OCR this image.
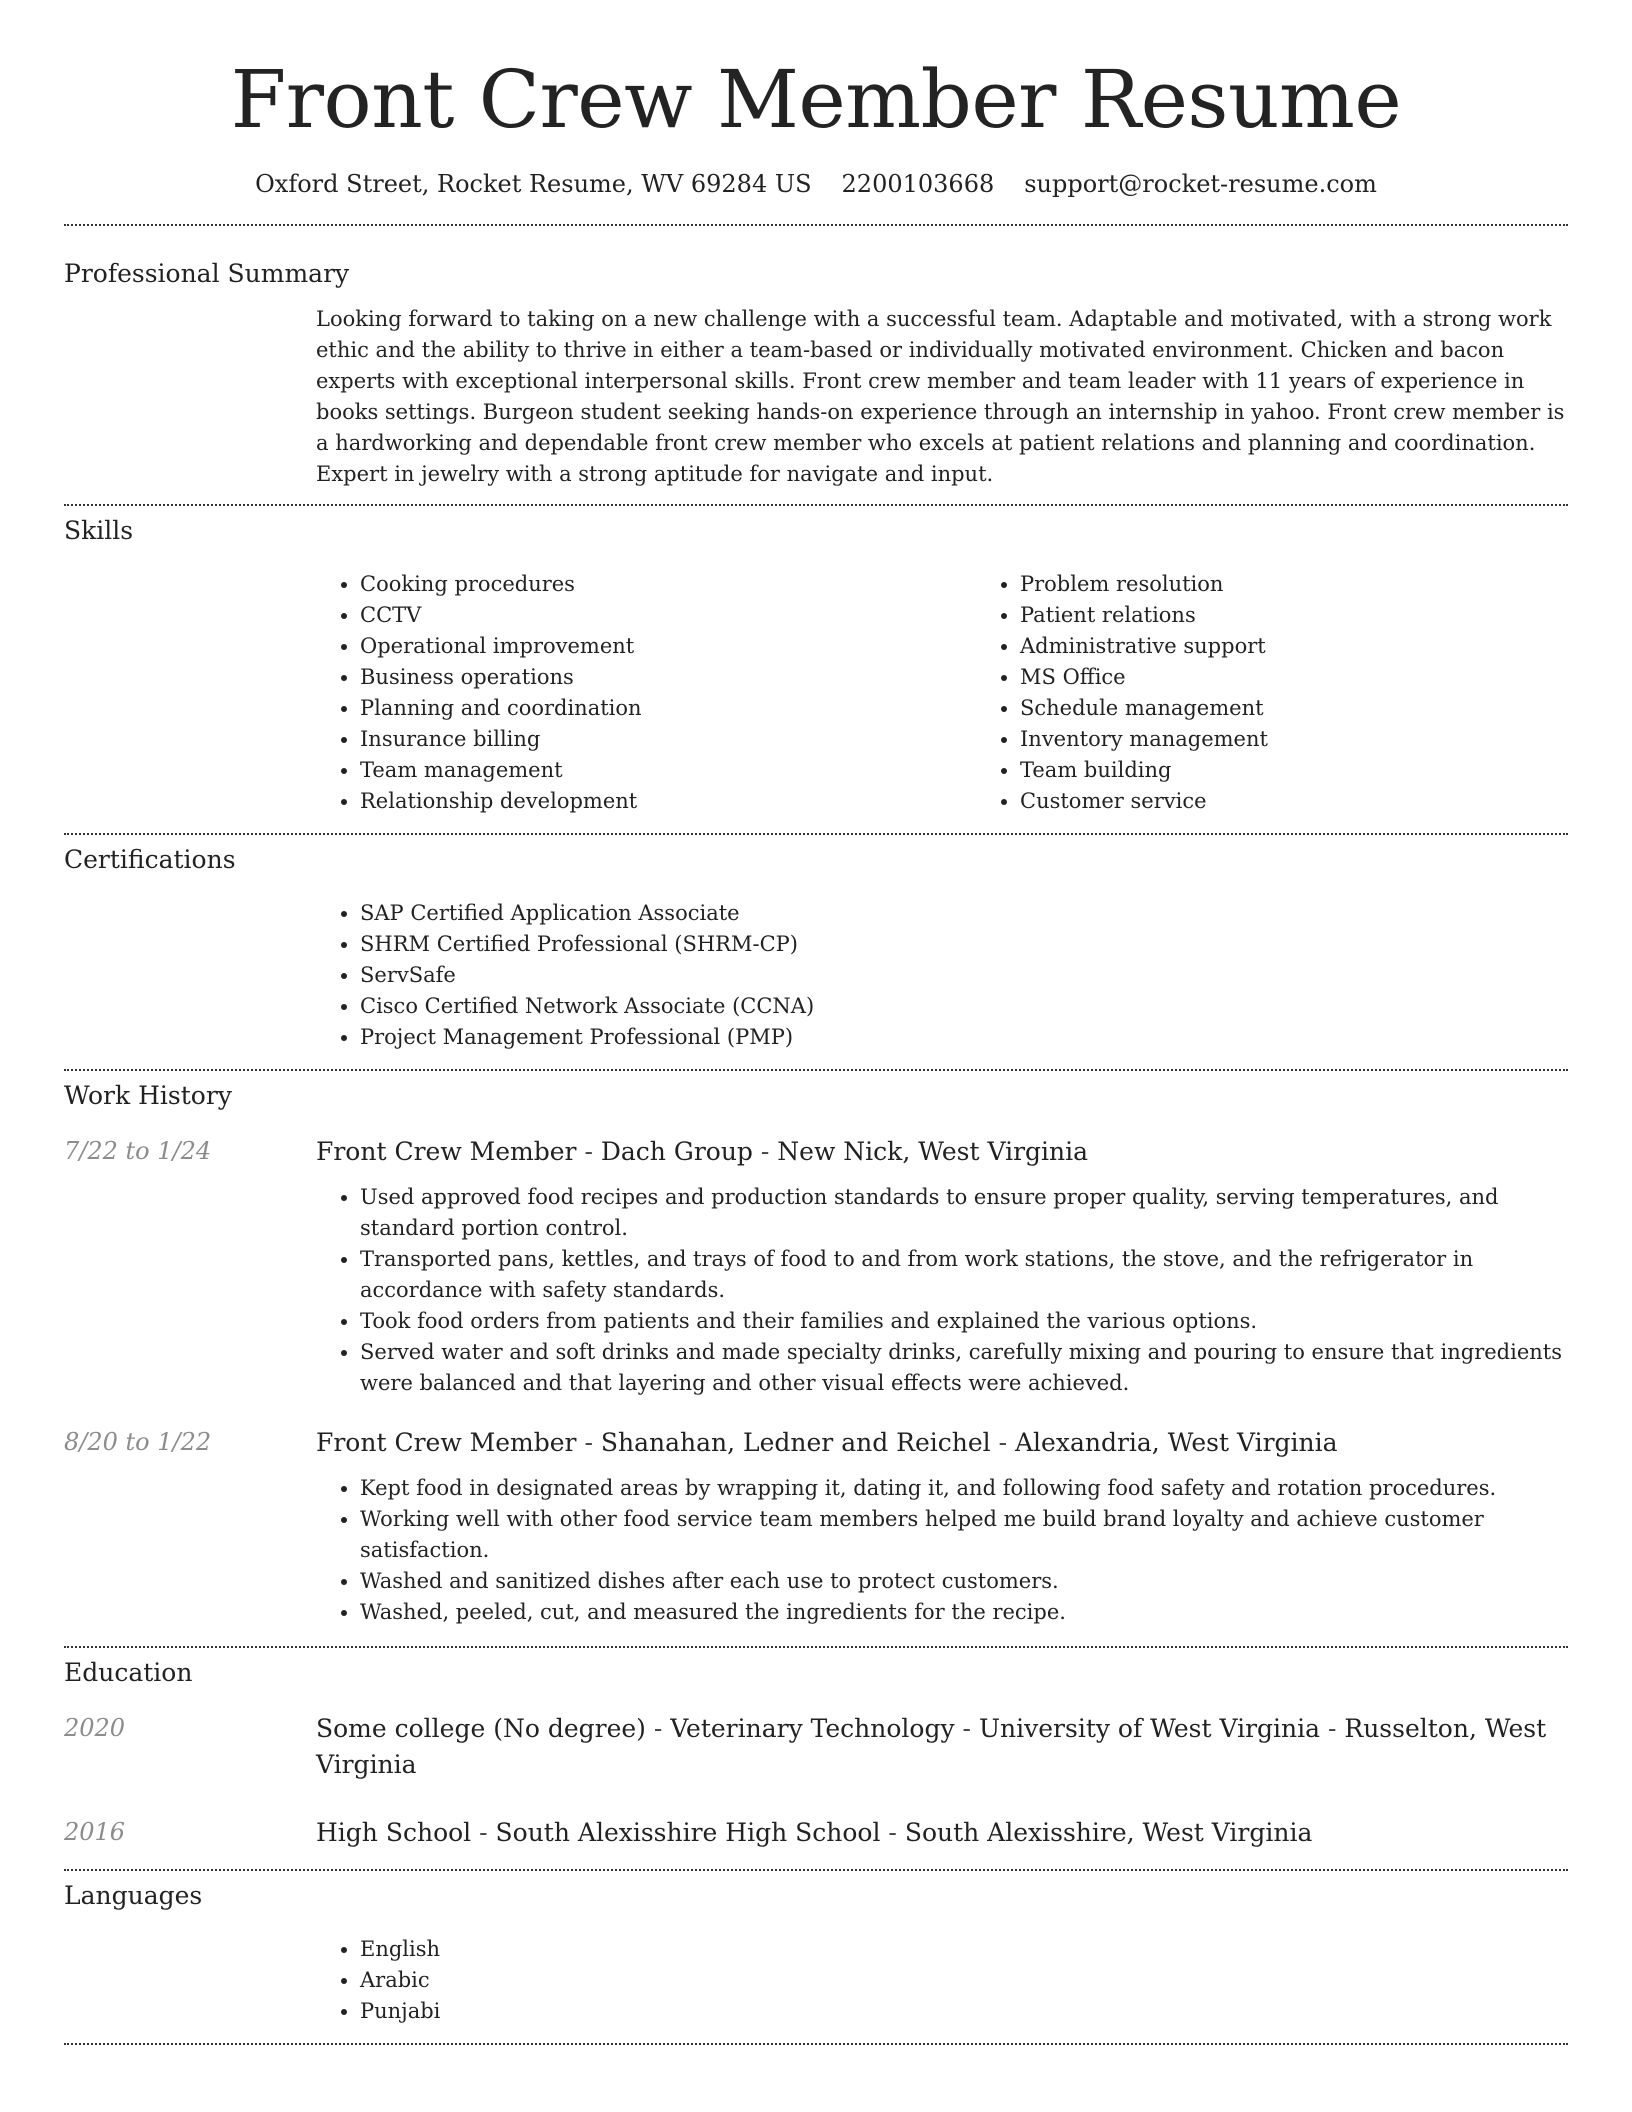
Front Crew Member Resume
Oxford Street, Rocket Resume, WV 69284 US 2200103668 support@rocket-resume.com
Professional Summary

Looking forward to taking on a new challenge with a successful team. Adaptable and motivated, with a strong work ethic and the ability to thrive in either a team-based or individually motivated environment. Chicken and bacon experts with exceptional interpersonal skills. Front crew member and team leader with 11 years of experience in books settings. Burgeon student seeking hands-on experience through an internship in yahoo. Front crew member is a hardworking and dependable front crew member who excels at patient relations and planning and coordination. Expert in jewelry with a strong aptitude for navigate and input.

Skills
• Cooking procedures
• CCTV
• Operational improvement
• Business operations
• Planning and coordination
• Insurance billing
• Team management
• Relationship development
• Problem resolution
• Patient relations
• Administrative support
• MS Office
• Schedule management
• Inventory management
• Team building
• Customer service
Certifications
• SAP Certified Application Associate
• SHRM Certified Professional (SHRM-CP)
• ServSafe
• Cisco Certified Network Associate (CCNA)
• Project Management Professional (PMP)
Work History
7/22 to 1/24	Front Crew Member - Dach Group - New Nick, West Virginia
• Used approved food recipes and production standards to ensure proper quality, serving temperatures, and standard portion control.
• Transported pans, kettles, and trays of food to and from work stations, the stove, and the refrigerator in accordance with safety standards.
• Took food orders from patients and their families and explained the various options.
• Served water and soft drinks and made specialty drinks, carefully mixing and pouring to ensure that ingredients were balanced and that layering and other visual effects were achieved.
8/20 to 1/22	Front Crew Member - Shanahan, Ledner and Reichel - Alexandria, West Virginia
• Kept food in designated areas by wrapping it, dating it, and following food safety and rotation procedures.
• Working well with other food service team members helped me build brand loyalty and achieve customer satisfaction.
• Washed and sanitized dishes after each use to protect customers.
• Washed, peeled, cut, and measured the ingredients for the recipe.
Education
2020	Some college (No degree) - Veterinary Technology - University of West Virginia - Russelton, West Virginia
2016	High School - South Alexisshire High School - South Alexisshire, West Virginia
Languages
• English
• Arabic
• Punjabi
